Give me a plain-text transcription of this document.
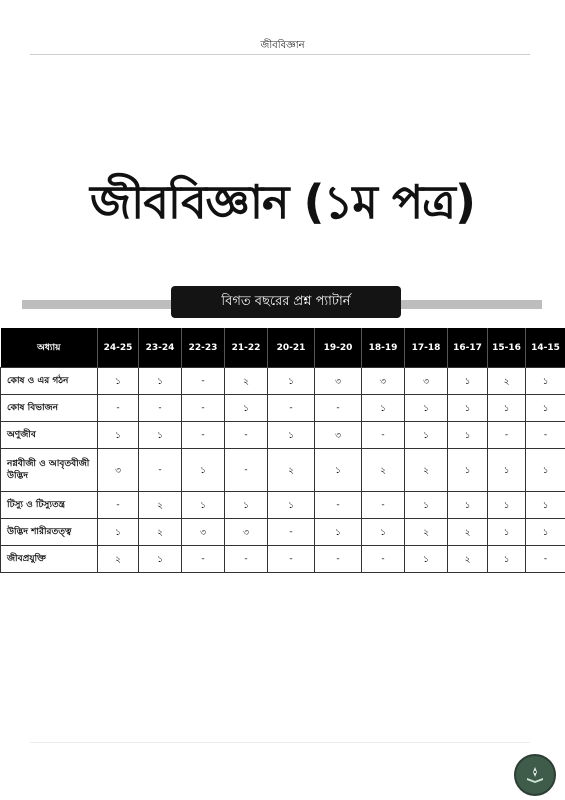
জীববিজ্ঞান
জীববিজ্ঞান (১ম পত্র)
বিগত বছরের প্রশ্ন প্যাটার্ন
অধ্যায়	24-25	23-24	22-23	21-22	20-21	19-20	18-19	17-18	16-17	15-16	14-15
কোষ ও এর গঠন	১	১	-	২	১	৩	৩	৩	১	২	১
কোষ বিভাজন	-	-	-	১	-	-	১	১	১	১	১
অণুজীব	১	১	-	-	১	৩	-	১	১	-	-
নগ্নবীজী ও আবৃতবীজী উদ্ভিদ	৩	-	১	-	২	১	২	২	১	১	১
টিস্যু ও টিস্যুতন্ত্র	-	২	১	১	১	-	-	১	১	১	১
উদ্ভিদ শারীরতত্ত্ব	১	২	৩	৩	-	১	১	২	২	১	১
জীবপ্রযুক্তি	২	১	-	-	-	-	-	১	২	১	-
